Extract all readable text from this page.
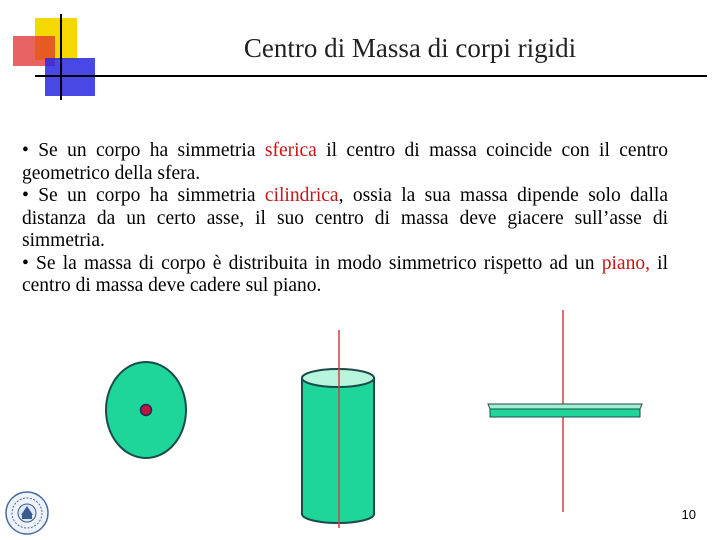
Centro di Massa di corpi rigidi

• Se un corpo ha simmetria sferica il centro di massa coincide con il centro geometrico della sfera.

• Se un corpo ha simmetria cilindrica, ossia la sua massa dipende solo dalla distanza da un certo asse, il suo centro di massa deve giacere sull’asse di simmetria.

• Se la massa di corpo è distribuita in modo simmetrico rispetto ad un piano, il centro di massa deve cadere sul piano.

10
